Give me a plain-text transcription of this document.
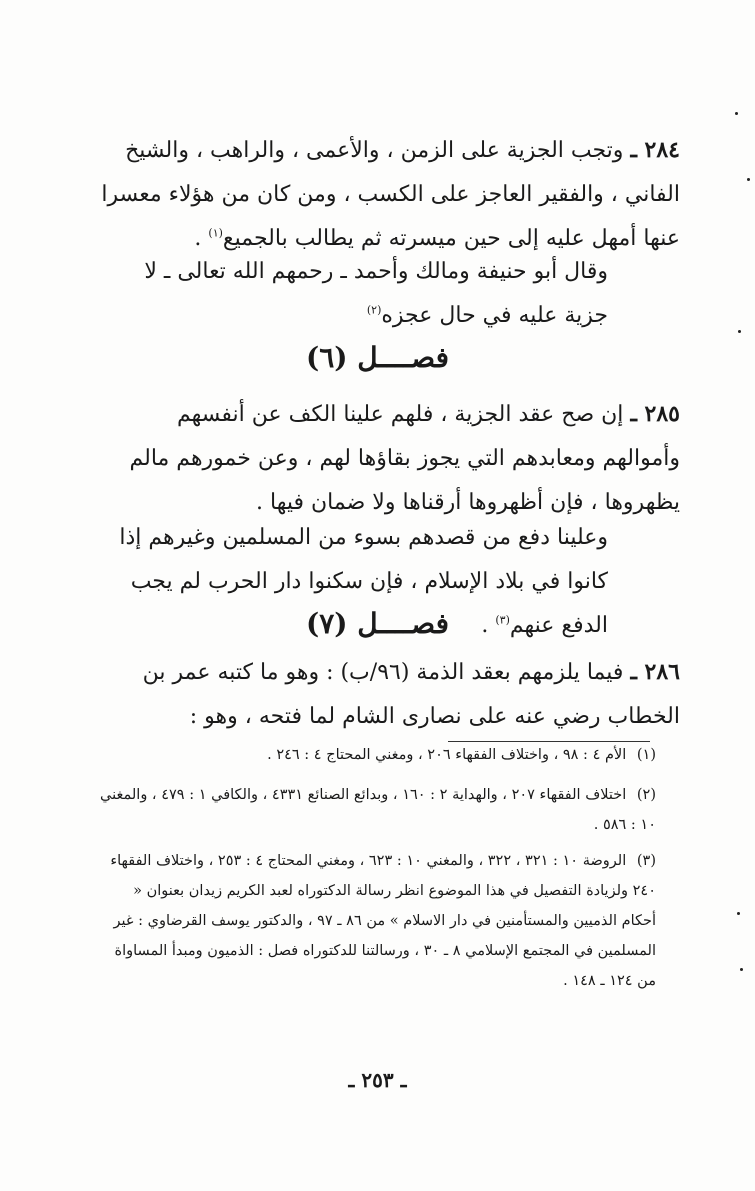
٢٨٤ ـ وتجب الجزية على الزمن ، والأعمى ، والراهب ، والشيخ الفاني ، والفقير العاجز على الكسب ، ومن كان من هؤلاء معسرا عنها أمهل عليه إلى حين ميسرته ثم يطالب بالجميع$^{(١)}$ .

وقال أبو حنيفة ومالك وأحمد ـ رحمهم الله تعالى ـ لا جزية عليه في حال عجزه$^{(٢)}$

فصــــل (٦)

٢٨٥ ـ إن صح عقد الجزية ، فلهم علينا الكف عن أنفسهم وأموالهم ومعابدهم التي يجوز بقاؤها لهم ، وعن خمورهم مالم يظهروها ، فإن أظهروها أرقناها ولا ضمان فيها .

وعلينا دفع من قصدهم بسوء من المسلمين وغيرهم إذا كانوا في بلاد الإسلام ، فإن سكنوا دار الحرب لم يجب الدفع عنهم$^{(٣)}$ .

فصــــل (٧)

٢٨٦ ـ فيما يلزمهم بعقد الذمة (٩٦/ب) : وهو ما كتبه عمر بن الخطاب رضي عنه على نصارى الشام لما فتحه ، وهو :

(١) الأم ٤ : ٩٨ ، واختلاف الفقهاء ٢٠٦ ، ومغني المحتاج ٤ : ٢٤٦ .

(٢) اختلاف الفقهاء ٢٠٧ ، والهداية ٢ : ١٦٠ ، وبدائع الصنائع ٤٣٣١ ، والكافي ١ : ٤٧٩ ، والمغني ١٠ : ٥٨٦ .

(٣) الروضة ١٠ : ٣٢١ ، ٣٢٢ ، والمغني ١٠ : ٦٢٣ ، ومغني المحتاج ٤ : ٢٥٣ ، واختلاف الفقهاء ٢٤٠ ولزيادة التفصيل في هذا الموضوع انظر رسالة الدكتوراه لعبد الكريم زيدان بعنوان « أحكام الذميين والمستأمنين في دار الاسلام » من ٨٦ ـ ٩٧ ، والدكتور يوسف القرضاوي : غير المسلمين في المجتمع الإسلامي ٨ ـ ٣٠ ، ورسالتنا للدكتوراه فصل : الذميون ومبدأ المساواة من ١٢٤ ـ ١٤٨ .

ـ ٢٥٣ ـ
